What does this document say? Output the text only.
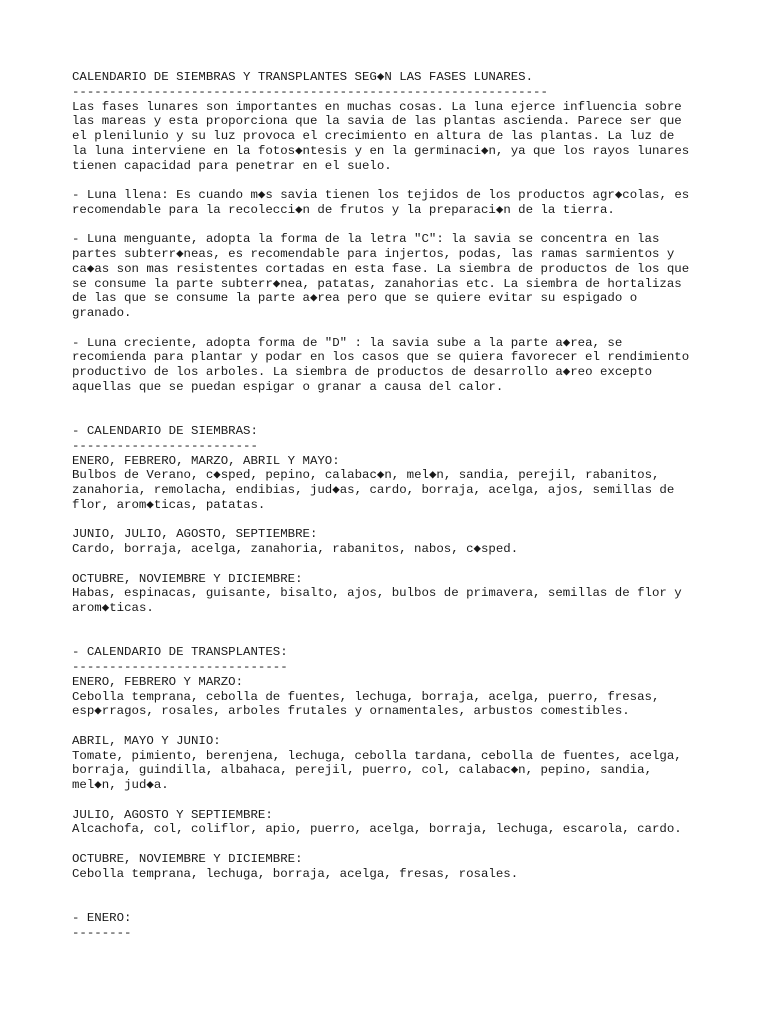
CALENDARIO DE SIEMBRAS Y TRANSPLANTES SEG◆N LAS FASES LUNARES.
----------------------------------------------------------------
Las fases lunares son importantes en muchas cosas. La luna ejerce influencia sobre
las mareas y esta proporciona que la savia de las plantas ascienda. Parece ser que
el plenilunio y su luz provoca el crecimiento en altura de las plantas. La luz de
la luna interviene en la fotos◆ntesis y en la germinaci◆n, ya que los rayos lunares
tienen capacidad para penetrar en el suelo.
- Luna llena: Es cuando m◆s savia tienen los tejidos de los productos agr◆colas, es
recomendable para la recolecci◆n de frutos y la preparaci◆n de la tierra.
- Luna menguante, adopta la forma de la letra "C": la savia se concentra en las
partes subterr◆neas, es recomendable para injertos, podas, las ramas sarmientos y
ca◆as son mas resistentes cortadas en esta fase. La siembra de productos de los que
se consume la parte subterr◆nea, patatas, zanahorias etc. La siembra de hortalizas
de las que se consume la parte a◆rea pero que se quiere evitar su espigado o
granado.
- Luna creciente, adopta forma de "D" : la savia sube a la parte a◆rea, se
recomienda para plantar y podar en los casos que se quiera favorecer el rendimiento
productivo de los arboles. La siembra de productos de desarrollo a◆reo excepto
aquellas que se puedan espigar o granar a causa del calor.
- CALENDARIO DE SIEMBRAS:
-------------------------
ENERO, FEBRERO, MARZO, ABRIL Y MAYO:
Bulbos de Verano, c◆sped, pepino, calabac◆n, mel◆n, sandia, perejil, rabanitos,
zanahoria, remolacha, endibias, jud◆as, cardo, borraja, acelga, ajos, semillas de
flor, arom◆ticas, patatas.
JUNIO, JULIO, AGOSTO, SEPTIEMBRE:
Cardo, borraja, acelga, zanahoria, rabanitos, nabos, c◆sped.
OCTUBRE, NOVIEMBRE Y DICIEMBRE:
Habas, espinacas, guisante, bisalto, ajos, bulbos de primavera, semillas de flor y
arom◆ticas.
- CALENDARIO DE TRANSPLANTES:
-----------------------------
ENERO, FEBRERO Y MARZO:
Cebolla temprana, cebolla de fuentes, lechuga, borraja, acelga, puerro, fresas,
esp◆rragos, rosales, arboles frutales y ornamentales, arbustos comestibles.
ABRIL, MAYO Y JUNIO:
Tomate, pimiento, berenjena, lechuga, cebolla tardana, cebolla de fuentes, acelga,
borraja, guindilla, albahaca, perejil, puerro, col, calabac◆n, pepino, sandia,
mel◆n, jud◆a.
JULIO, AGOSTO Y SEPTIEMBRE:
Alcachofa, col, coliflor, apio, puerro, acelga, borraja, lechuga, escarola, cardo.
OCTUBRE, NOVIEMBRE Y DICIEMBRE:
Cebolla temprana, lechuga, borraja, acelga, fresas, rosales.
- ENERO:
--------
